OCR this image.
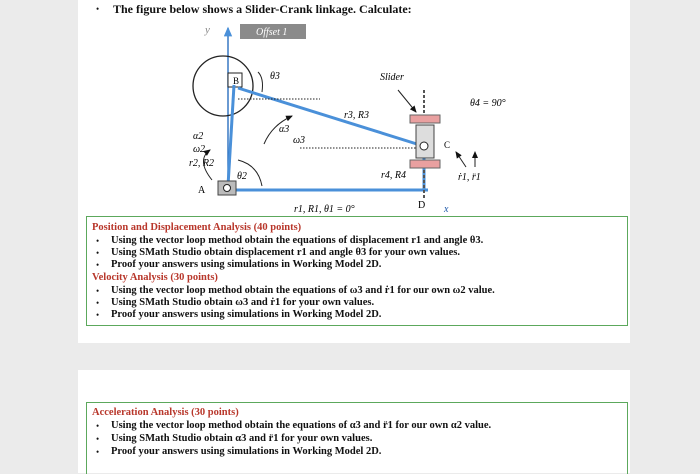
• The figure below shows a Slider-Crank linkage. Calculate:
y	Offset 1
B	θ3	Slider
θ4 = 90°
r3, R3
α3
ω3	C
α2
ω2
r2, R2
θ2	r4, R4	ṙ1, r̈1
A
D x
r1, R1, θ1 = 0°
Position and Displacement Analysis (40 points)
• Using the vector loop method obtain the equations of displacement r1 and angle θ3.
• Using SMath Studio obtain displacement r1 and angle θ3 for your own values.
• Proof your answers using simulations in Working Model 2D.
Velocity Analysis (30 points)
• Using the vector loop method obtain the equations of ω3 and ṙ1 for our own ω2 value.
• Using SMath Studio obtain ω3 and ṙ1 for your own values.
• Proof your answers using simulations in Working Model 2D.
Acceleration Analysis (30 points)
• Using the vector loop method obtain the equations of α3 and r̈1 for our own α2 value.
• Using SMath Studio obtain α3 and r̈1 for your own values.
• Proof your answers using simulations in Working Model 2D.
